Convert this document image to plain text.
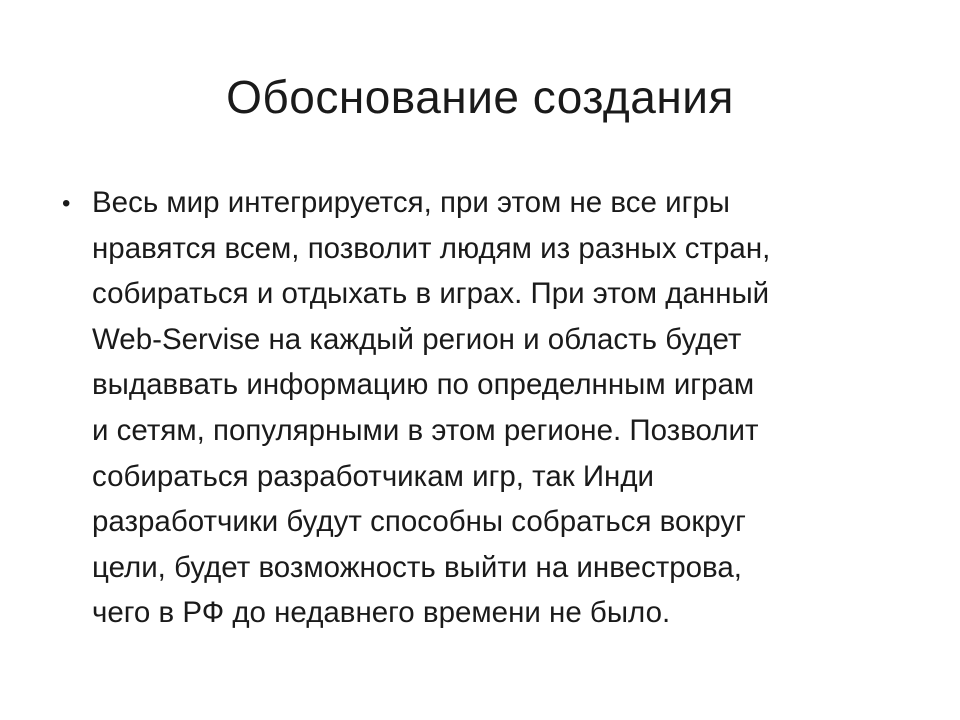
Обоснование создания
• Весь мир интегрируется, при этом не все игры
нравятся всем, позволит людям из разных стран,
собираться и отдыхать в играх. При этом данный
Web-Servise на каждый регион и область будет
выдаввать информацию по определнным играм
и сетям, популярными в этом регионе. Позволит
собираться разработчикам игр, так Инди
разработчики будут способны собраться вокруг
цели, будет возможность выйти на инвестрова,
чего в РФ до недавнего времени не было.
